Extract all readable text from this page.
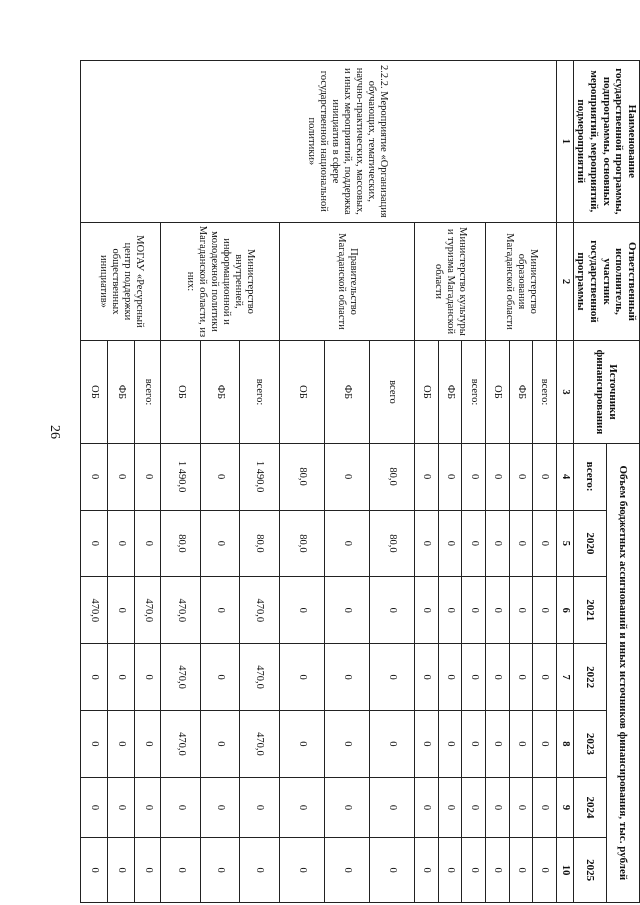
26
Наименование государственной программы, подпрограммы, основных мероприятий, мероприятий, подмероприятий	Ответственный исполнитель, участник государственной программы	Источники финансирования	Объем бюджетных ассигнований и иных источников финансирования, тыс. рублей						
			всего:	2020	2021	2022	2023	2024	2025
1	2	3	4	5	6	7	8	9	10
	Министерство образования Магаданской области	всего:	0	0	0	0	0	0	0
		ФБ	0	0	0	0	0	0	0
		ОБ	0	0	0	0	0	0	0
	Министерство культуры и туризма Магаданской области	всего:	0	0	0	0	0	0	0
		ФБ	0	0	0	0	0	0	0
		ОБ	0	0	0	0	0	0	0
2.2.2. Мероприятие «Организация обучающих, тематических, научно-практических, массовых, и иных мероприятий, поддержка инициатив в сфере государственной национальной политики»	Правительство Магаданской области	всего	80,0	80,0	0	0	0	0	0
		ФБ	0	0	0	0	0	0	0
		ОБ	80,0	80,0	0	0	0	0	0
	Министерство внутренней, информационной и молодежной политики Магаданской области, из них:	всего:	1 490,0	80,0	470,0	470,0	470,0	0	0
		ФБ	0	0	0	0	0	0	0
		ОБ	1 490,0	80,0	470,0	470,0	470,0	0	0
	МОГАУ «Ресурсный центр поддержки общественных инициатив»	всего:	0	0	470,0	0	0	0	0
		ФБ	0	0	0	0	0	0	0
		ОБ	0	0	470,0	0	0	0	0
